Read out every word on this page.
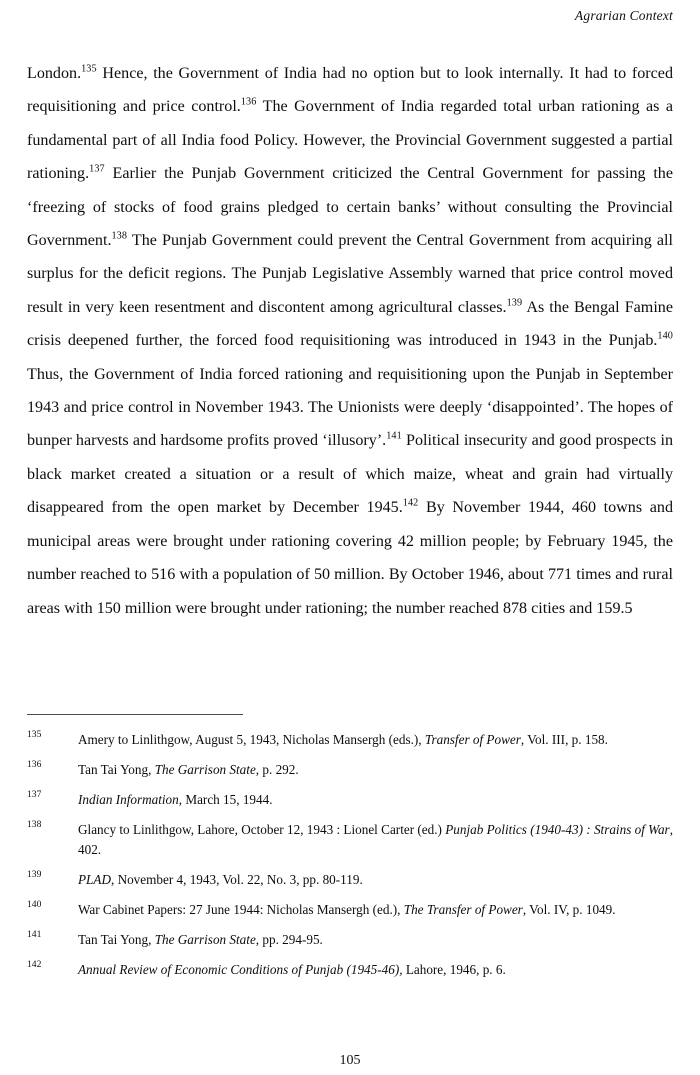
Agrarian Context

London.$^{135}$ Hence, the Government of India had no option but to look internally. It had to forced requisitioning and price control.$^{136}$ The Government of India regarded total urban rationing as a fundamental part of all India food Policy. However, the Provincial Government suggested a partial rationing.$^{137}$ Earlier the Punjab Government criticized the Central Government for passing the ‘freezing of stocks of food grains pledged to certain banks’ without consulting the Provincial Government.$^{138}$ The Punjab Government could prevent the Central Government from acquiring all surplus for the deficit regions. The Punjab Legislative Assembly warned that price control moved result in very keen resentment and discontent among agricultural classes.$^{139}$ As the Bengal Famine crisis deepened further, the forced food requisitioning was introduced in 1943 in the Punjab.$^{140}$ Thus, the Government of India forced rationing and requisitioning upon the Punjab in September 1943 and price control in November 1943. The Unionists were deeply ‘disappointed’. The hopes of bunper harvests and hardsome profits proved ‘illusory’.$^{141}$ Political insecurity and good prospects in black market created a situation or a result of which maize, wheat and grain had virtually disappeared from the open market by December 1945.$^{142}$ By November 1944, 460 towns and municipal areas were brought under rationing covering 42 million people; by February 1945, the number reached to 516 with a population of 50 million. By October 1946, about 771 times and rural areas with 150 million were brought under rationing; the number reached 878 cities and 159.5

135	Amery to Linlithgow, August 5, 1943, Nicholas Mansergh (eds.), Transfer of Power, Vol. III, p. 158.
136	Tan Tai Yong, The Garrison State, p. 292.
137	Indian Information, March 15, 1944.
138	Glancy to Linlithgow, Lahore, October 12, 1943 : Lionel Carter (ed.) Punjab Politics (1940-43) : Strains of War, 402.
139	PLAD, November 4, 1943, Vol. 22, No. 3, pp. 80-119.
140	War Cabinet Papers: 27 June 1944: Nicholas Mansergh (ed.), The Transfer of Power, Vol. IV, p. 1049.
141	Tan Tai Yong, The Garrison State, pp. 294-95.
142	Annual Review of Economic Conditions of Punjab (1945-46), Lahore, 1946, p. 6.
105
